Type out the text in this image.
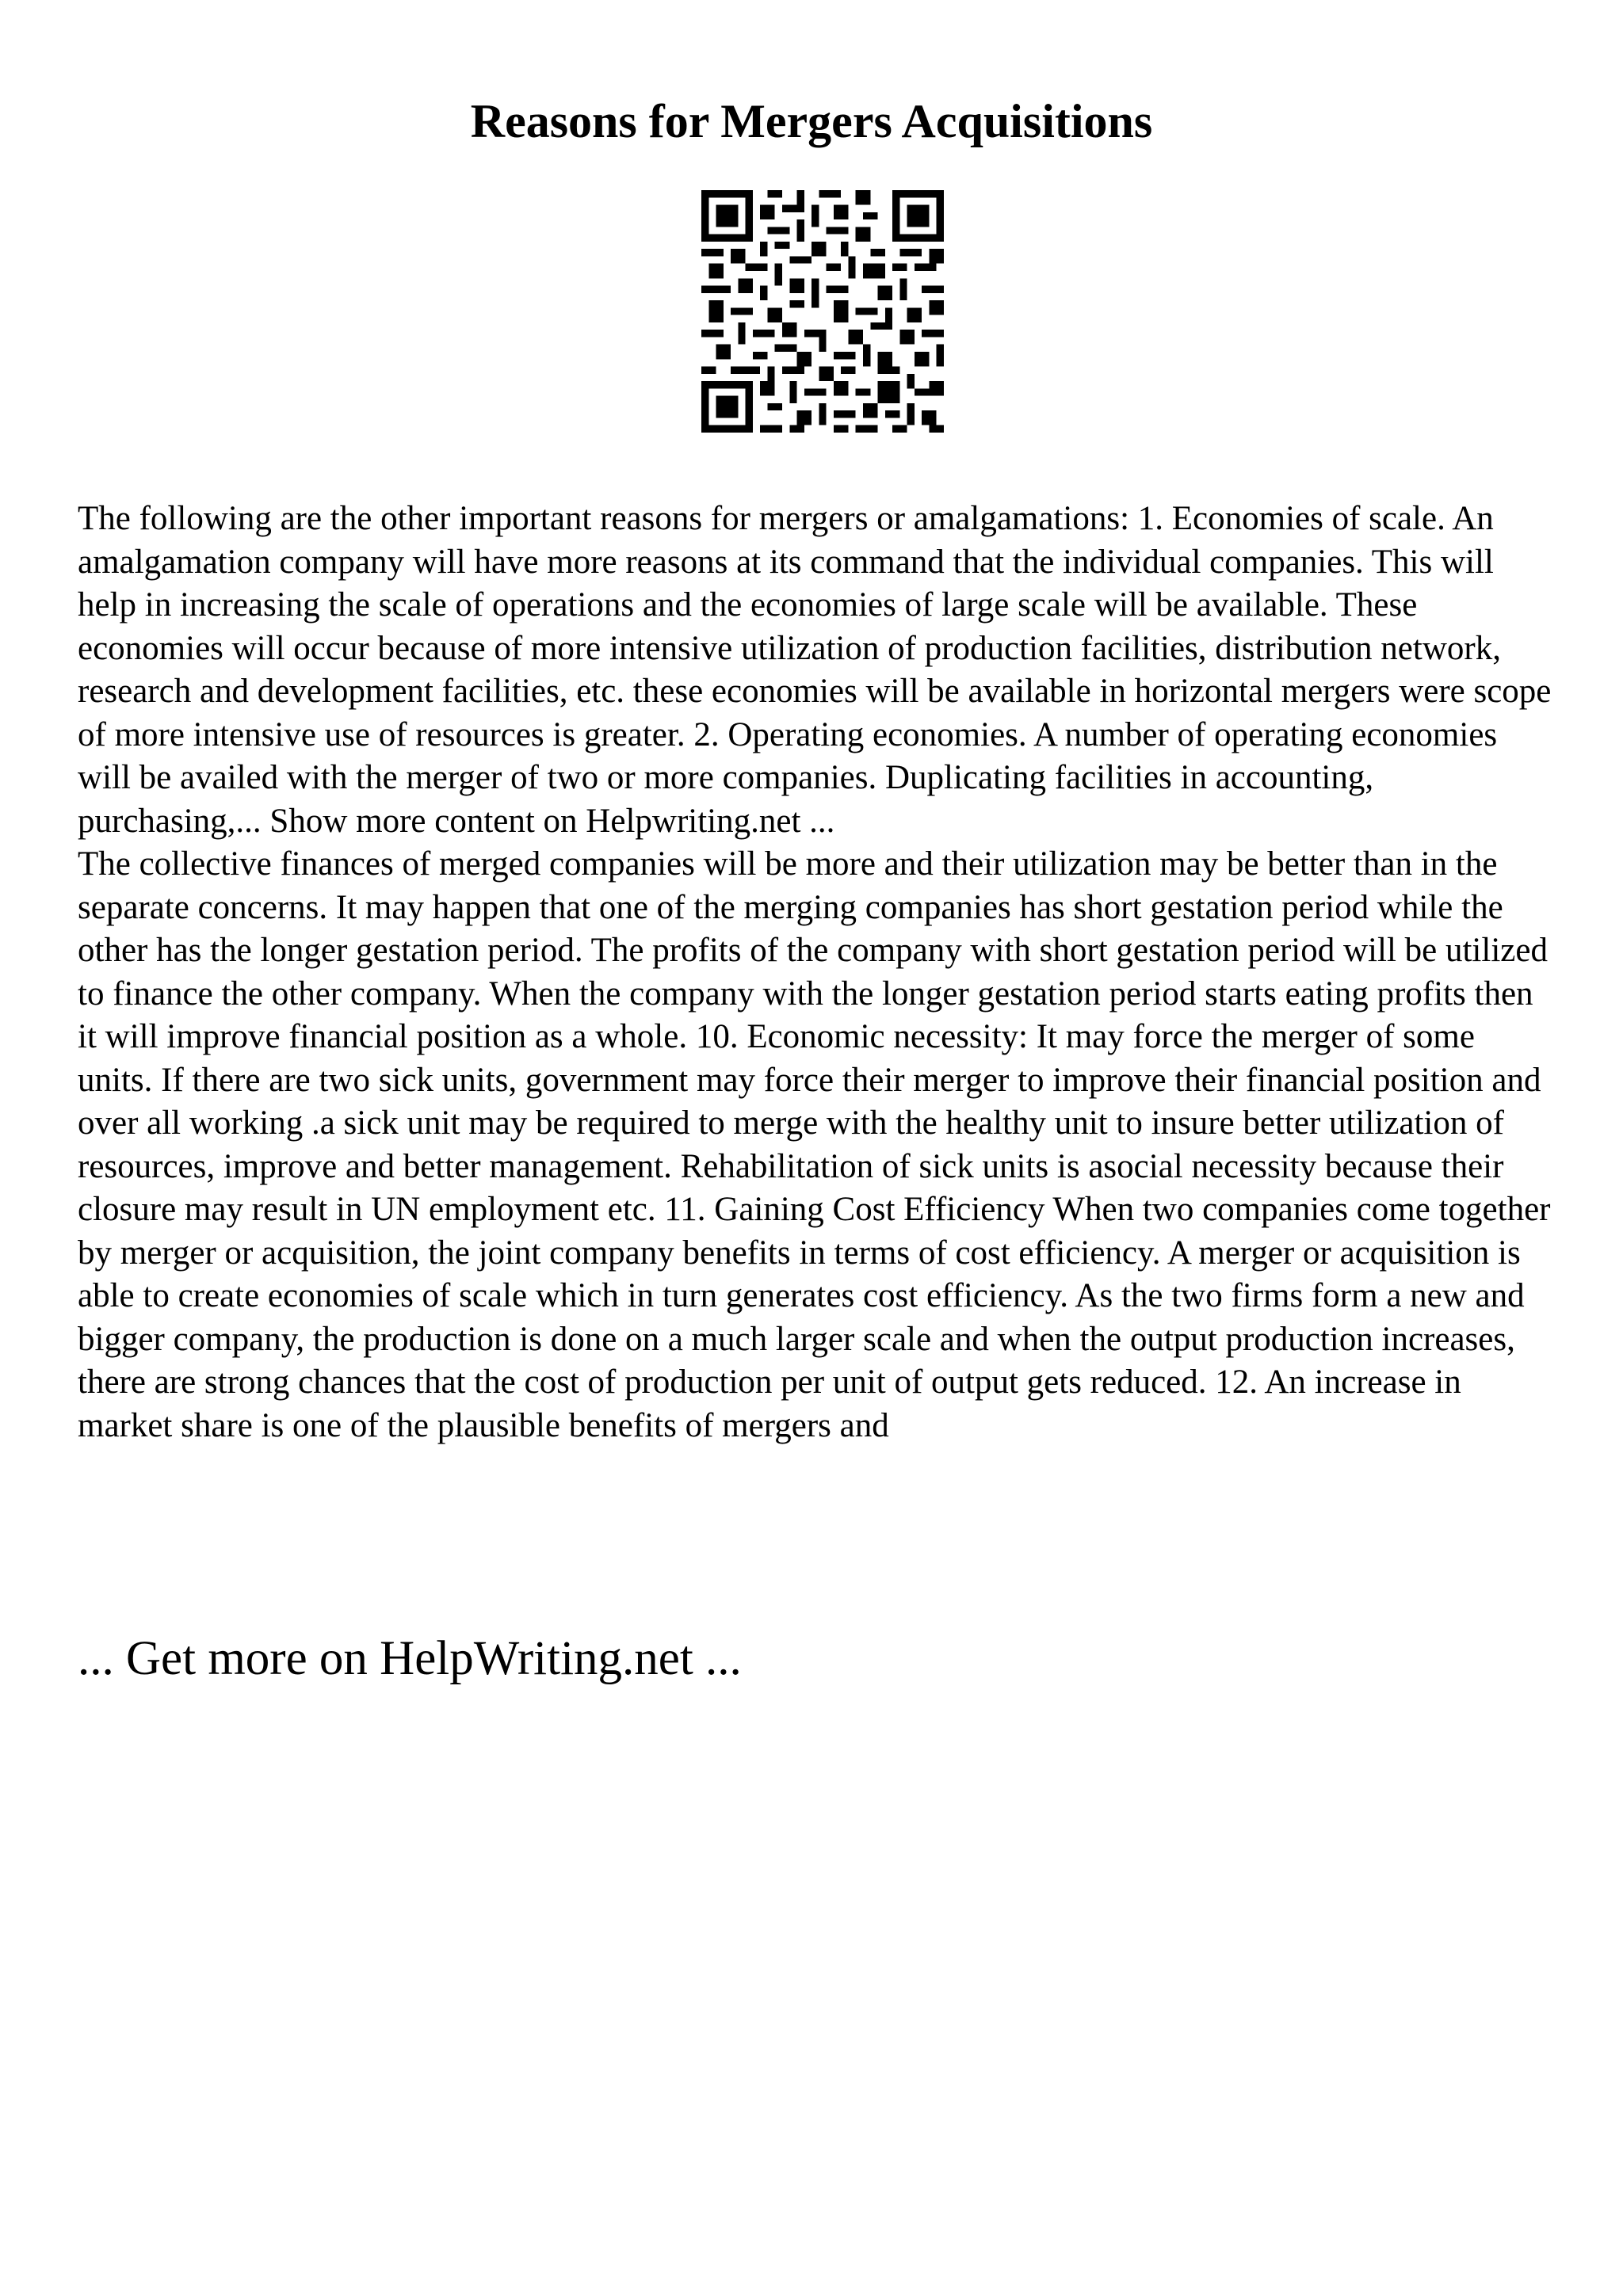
Reasons for Mergers Acquisitions

The following are the other important reasons for mergers or amalgamations: 1. Economies of scale. An amalgamation company will have more reasons at its command that the individual companies. This will help in increasing the scale of operations and the economies of large scale will be available. These economies will occur because of more intensive utilization of production facilities, distribution network, research and development facilities, etc. these economies will be available in horizontal mergers were scope of more intensive use of resources is greater. 2. Operating economies. A number of operating economies will be availed with the merger of two or more companies. Duplicating facilities in accounting, purchasing,... Show more content on Helpwriting.net ...

The collective finances of merged companies will be more and their utilization may be better than in the separate concerns. It may happen that one of the merging companies has short gestation period while the other has the longer gestation period. The profits of the company with short gestation period will be utilized to finance the other company. When the company with the longer gestation period starts eating profits then it will improve financial position as a whole. 10. Economic necessity: It may force the merger of some units. If there are two sick units, government may force their merger to improve their financial position and over all working .a sick unit may be required to merge with the healthy unit to insure better utilization of resources, improve and better management. Rehabilitation of sick units is asocial necessity because their closure may result in UN employment etc. 11. Gaining Cost Efficiency When two companies come together by merger or acquisition, the joint company benefits in terms of cost efficiency. A merger or acquisition is able to create economies of scale which in turn generates cost efficiency. As the two firms form a new and bigger company, the production is done on a much larger scale and when the output production increases, there are strong chances that the cost of production per unit of output gets reduced. 12. An increase in market share is one of the plausible benefits of mergers and

... Get more on HelpWriting.net ...
